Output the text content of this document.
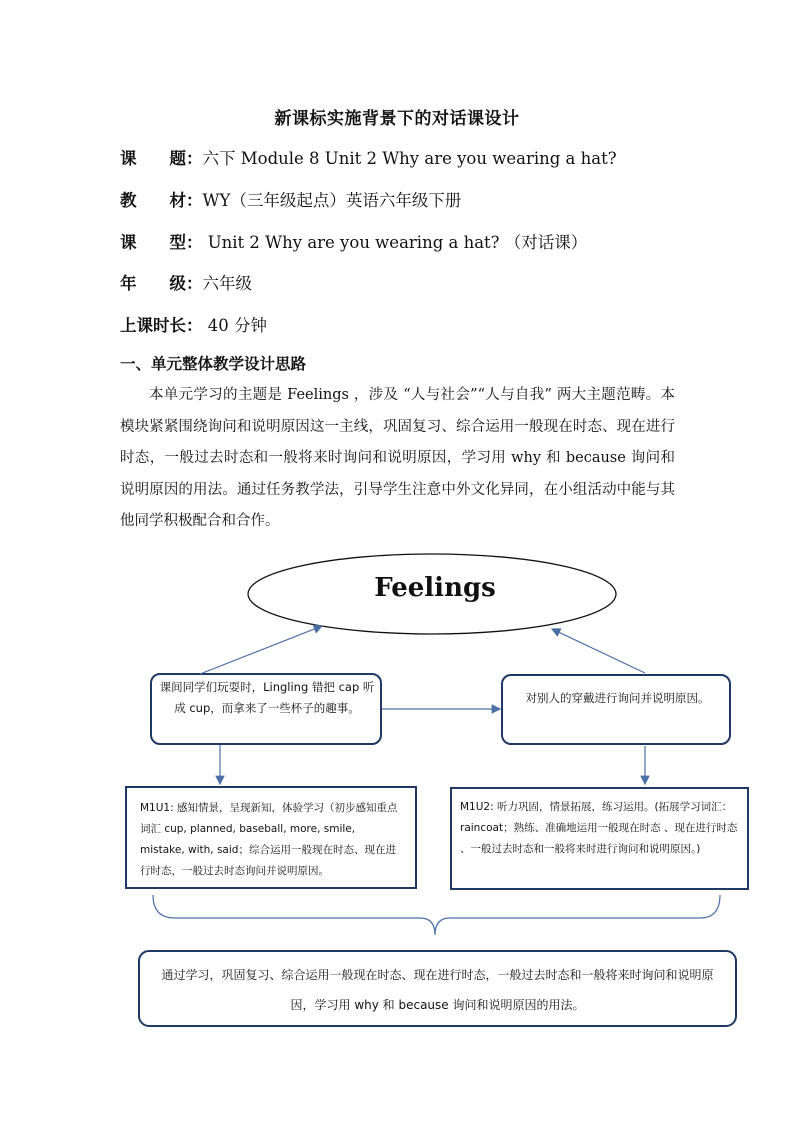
新课标实施背景下的对话课设计
课　　题：六下 Module 8 Unit 2 Why are you wearing a hat?
教　　材：WY（三年级起点）英语六年级下册
课　　型： Unit 2 Why are you wearing a hat? （对话课）
年　　级：六年级
上课时长： 40 分钟
一、单元整体教学设计思路
本单元学习的主题是 Feelings ，涉及 “人与社会”“人与自我” 两大主题范畴。本模块紧紧围绕询问和说明原因这一主线，巩固复习、综合运用一般现在时态、现在进行时态，一般过去时态和一般将来时询问和说明原因，学习用 why 和 because 询问和说明原因的用法。通过任务教学法，引导学生注意中外文化异同，在小组活动中能与其他同学积极配合和合作。
Feelings
课间同学们玩耍时，Lingling 错把 cap 听成 cup，而拿来了一些杯子的趣事。
对别人的穿戴进行询问并说明原因。
M1U1: 感知情景，呈现新知，体验学习（初步感知重点词汇 cup, planned, baseball, more, smile, mistake, with, said；综合运用一般现在时态、现在进行时态，一般过去时态询问并说明原因。
M1U2: 听力巩固，情景拓展，练习运用。(拓展学习词汇：raincoat；熟练、准确地运用一般现在时态 、现在进行时态 、一般过去时态和一般将来时进行询问和说明原因。)
通过学习，巩固复习、综合运用一般现在时态、现在进行时态，一般过去时态和一般将来时询问和说明原因，学习用 why 和 because 询问和说明原因的用法。
